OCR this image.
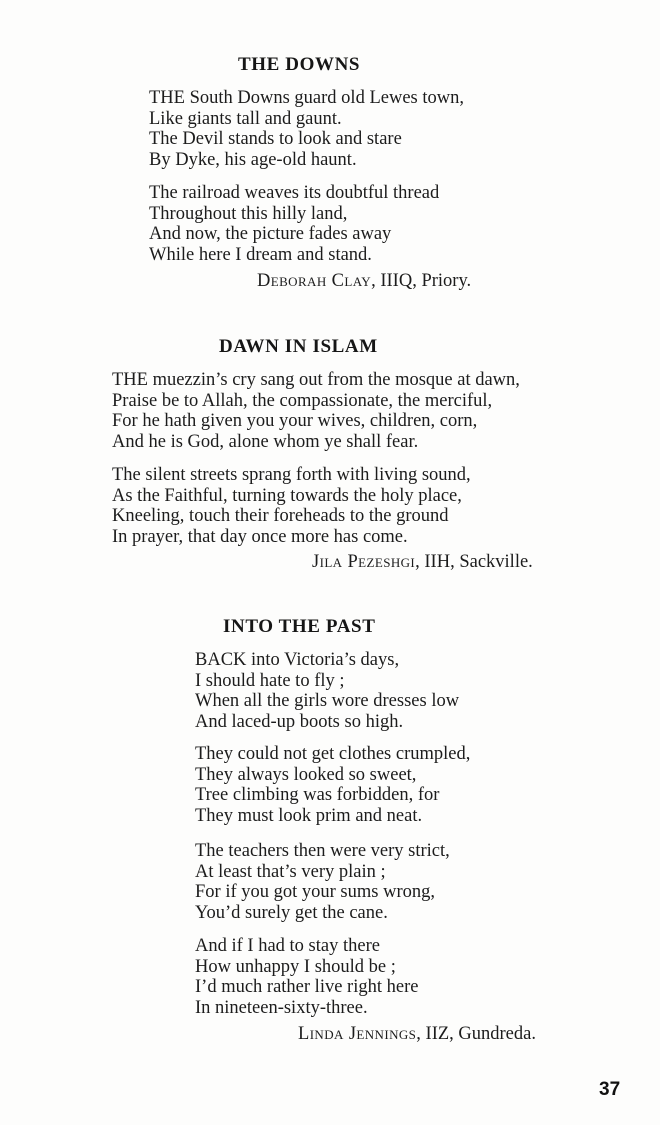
THE DOWNS
THE South Downs guard old Lewes town,
Like giants tall and gaunt.
The Devil stands to look and stare
By Dyke, his age-old haunt.
The railroad weaves its doubtful thread
Throughout this hilly land,
And now, the picture fades away
While here I dream and stand.
Deborah Clay, IIIQ, Priory.
DAWN IN ISLAM
THE muezzin’s cry sang out from the mosque at dawn,
Praise be to Allah, the compassionate, the merciful,
For he hath given you your wives, children, corn,
And he is God, alone whom ye shall fear.
The silent streets sprang forth with living sound,
As the Faithful, turning towards the holy place,
Kneeling, touch their foreheads to the ground
In prayer, that day once more has come.
Jila Pezeshgi, IIH, Sackville.
INTO THE PAST
BACK into Victoria’s days,
I should hate to fly ;
When all the girls wore dresses low
And laced-up boots so high.
They could not get clothes crumpled,
They always looked so sweet,
Tree climbing was forbidden, for
They must look prim and neat.
The teachers then were very strict,
At least that’s very plain ;
For if you got your sums wrong,
You’d surely get the cane.
And if I had to stay there
How unhappy I should be ;
I’d much rather live right here
In nineteen-sixty-three.
Linda Jennings, IIZ, Gundreda.
37
